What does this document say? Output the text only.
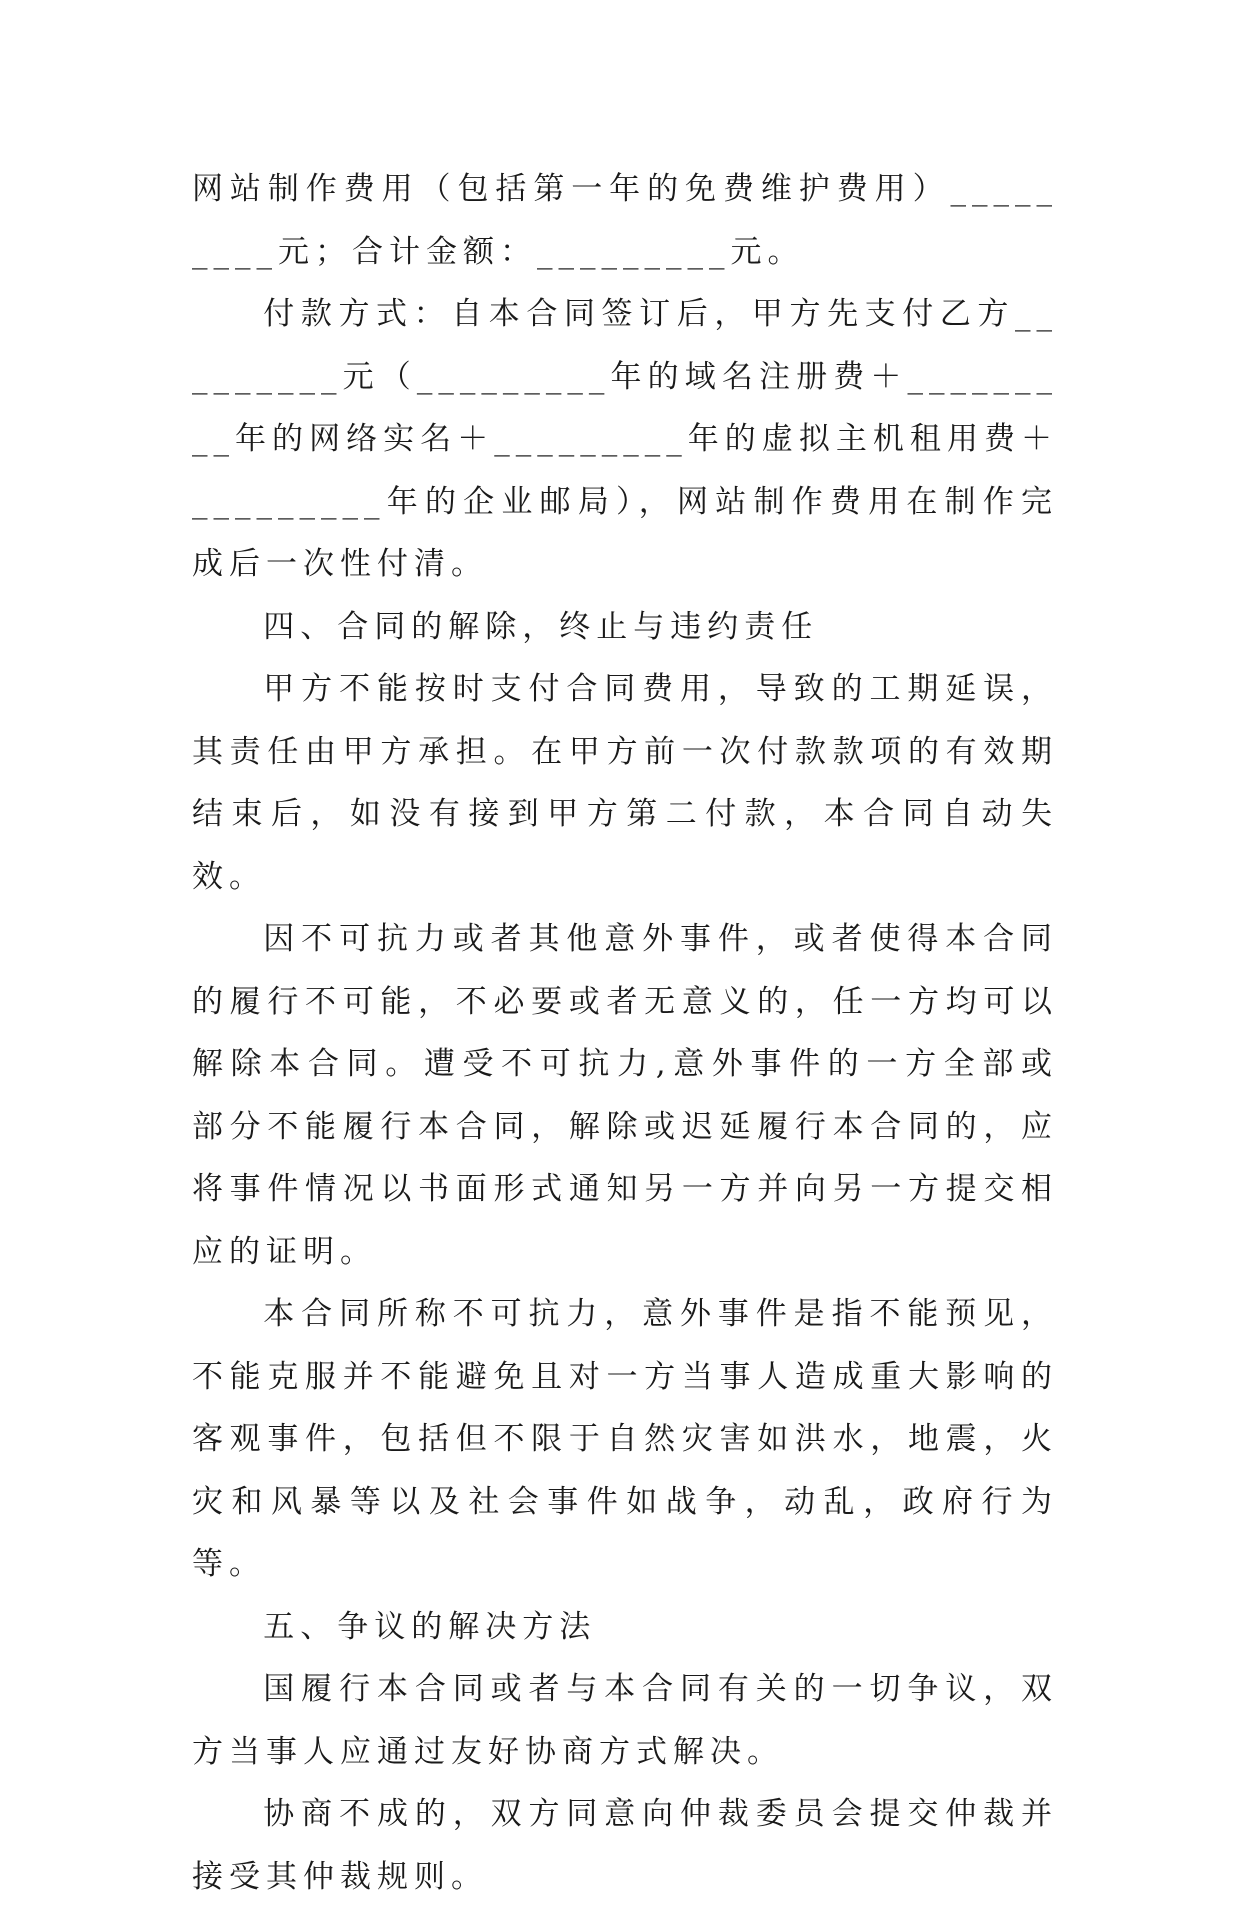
网站制作费用（包括第一年的免费维护费用）_________元；合计金额：_________元。

付款方式：自本合同签订后，甲方先支付乙方_________元（_________年的域名注册费＋_________年的网络实名＋_________年的虚拟主机租用费＋_________年的企业邮局），网站制作费用在制作完成后一次性付清。

四、合同的解除，终止与违约责任

甲方不能按时支付合同费用，导致的工期延误，其责任由甲方承担。在甲方前一次付款款项的有效期结束后，如没有接到甲方第二付款，本合同自动失效。

因不可抗力或者其他意外事件，或者使得本合同的履行不可能，不必要或者无意义的，任一方均可以解除本合同。遭受不可抗力,意外事件的一方全部或部分不能履行本合同，解除或迟延履行本合同的，应将事件情况以书面形式通知另一方并向另一方提交相应的证明。

本合同所称不可抗力，意外事件是指不能预见，不能克服并不能避免且对一方当事人造成重大影响的客观事件，包括但不限于自然灾害如洪水，地震，火灾和风暴等以及社会事件如战争，动乱，政府行为等。

五、争议的解决方法

国履行本合同或者与本合同有关的一切争议，双方当事人应通过友好协商方式解决。

协商不成的，双方同意向仲裁委员会提交仲裁并接受其仲裁规则。
